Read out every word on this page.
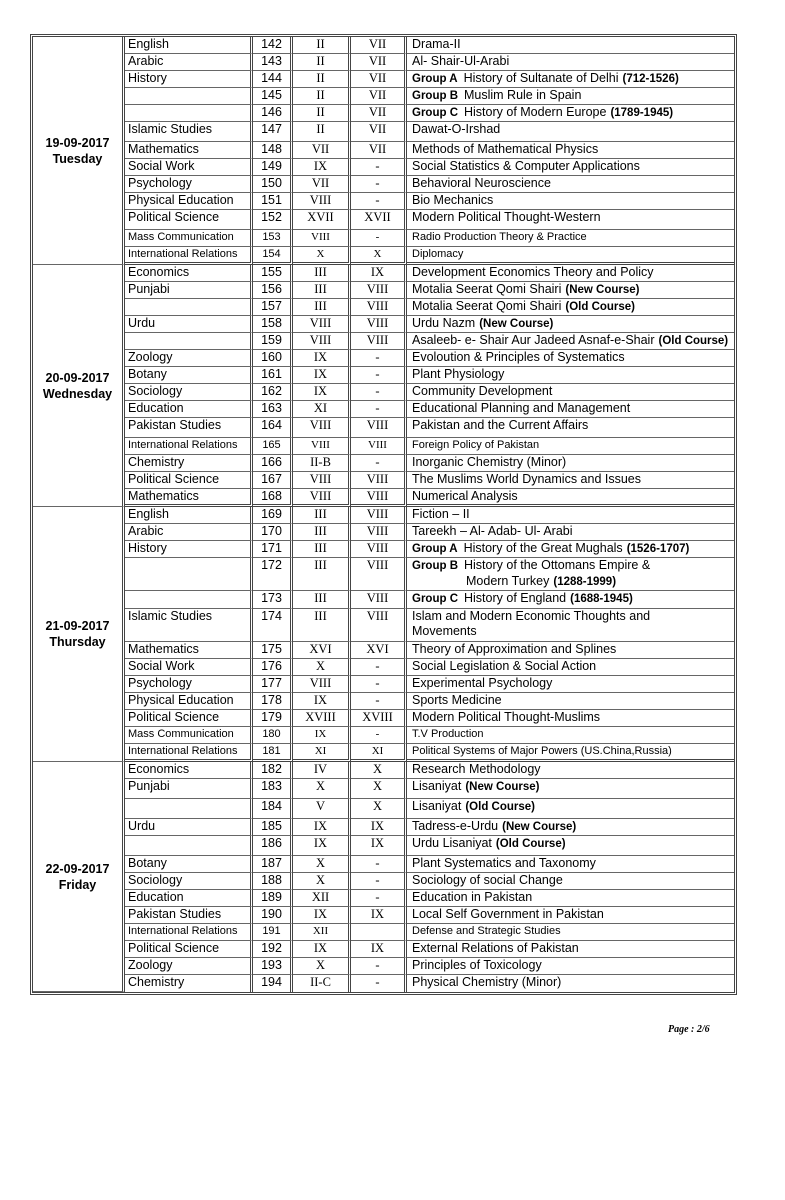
19-09-2017
Tuesday	English	142	II	VII	Drama-II
	Arabic	143	II	VII	Al- Shair-Ul-Arabi
	History	144	II	VII	Group A History of Sultanate of Delhi (712-1526)
		145	II	VII	Group B Muslim Rule in Spain
		146	II	VII	Group C History of Modern Europe (1789-1945)
	Islamic Studies	147	II	VII	Dawat-O-Irshad
	Mathematics	148	VII	VII	Methods of Mathematical Physics
	Social Work	149	IX	-	Social Statistics & Computer Applications
	Psychology	150	VII	-	Behavioral Neuroscience
	Physical Education	151	VIII	-	Bio Mechanics
	Political Science	152	XVII	XVII	Modern Political Thought-Western
	Mass Communication	153	VIII	-	Radio Production Theory & Practice
	International Relations	154	X	X	Diplomacy

20-09-2017
Wednesday	Economics	155	III	IX	Development Economics Theory and Policy
	Punjabi	156	III	VIII	Motalia Seerat Qomi Shairi (New Course)
		157	III	VIII	Motalia Seerat Qomi Shairi (Old Course)
	Urdu	158	VIII	VIII	Urdu Nazm (New Course)
		159	VIII	VIII	Asaleeb- e- Shair Aur Jadeed Asnaf-e-Shair (Old Course)
	Zoology	160	IX	-	Evoloution & Principles of Systematics
	Botany	161	IX	-	Plant Physiology
	Sociology	162	IX	-	Community Development
	Education	163	XI	-	Educational Planning and Management
	Pakistan Studies	164	VIII	VIII	Pakistan and the Current Affairs
	International Relations	165	VIII	VIII	Foreign Policy of Pakistan
	Chemistry	166	II-B	-	Inorganic Chemistry (Minor)
	Political Science	167	VIII	VIII	The Muslims World Dynamics and Issues
	Mathematics	168	VIII	VIII	Numerical Analysis

21-09-2017
Thursday	English	169	III	VIII	Fiction – II
	Arabic	170	III	VIII	Tareekh – Al- Adab- Ul- Arabi
	History	171	III	VIII	Group A History of the Great Mughals (1526-1707)
		172	III	VIII	Group B History of the Ottomans Empire &
Modern Turkey (1288-1999)

		173	III	VIII	Group C History of England (1688-1945)
	Islamic Studies	174	III	VIII	Islam and Modern Economic Thoughts and
Movements

	Mathematics	175	XVI	XVI	Theory of Approximation and Splines
	Social Work	176	X	-	Social Legislation & Social Action
	Psychology	177	VIII	-	Experimental Psychology
	Physical Education	178	IX	-	Sports Medicine
	Political Science	179	XVIII	XVIII	Modern Political Thought-Muslims
	Mass Communication	180	IX	-	T.V Production
	International Relations	181	XI	XI	Political Systems of Major Powers (US.China,Russia)

22-09-2017
Friday	Economics	182	IV	X	Research Methodology
	Punjabi	183	X	X	Lisaniyat (New Course)
		184	V	X	Lisaniyat (Old Course)
	Urdu	185	IX	IX	Tadress-e-Urdu (New Course)
		186	IX	IX	Urdu Lisaniyat (Old Course)
	Botany	187	X	-	Plant Systematics and Taxonomy
	Sociology	188	X	-	Sociology of social Change
	Education	189	XII	-	Education in Pakistan
	Pakistan Studies	190	IX	IX	Local Self Government in Pakistan
	International Relations	191	XII		Defense and Strategic Studies
	Political Science	192	IX	IX	External Relations of Pakistan
	Zoology	193	X	-	Principles of Toxicology
	Chemistry	194	II-C	-	Physical Chemistry (Minor)
Page : 2/6
